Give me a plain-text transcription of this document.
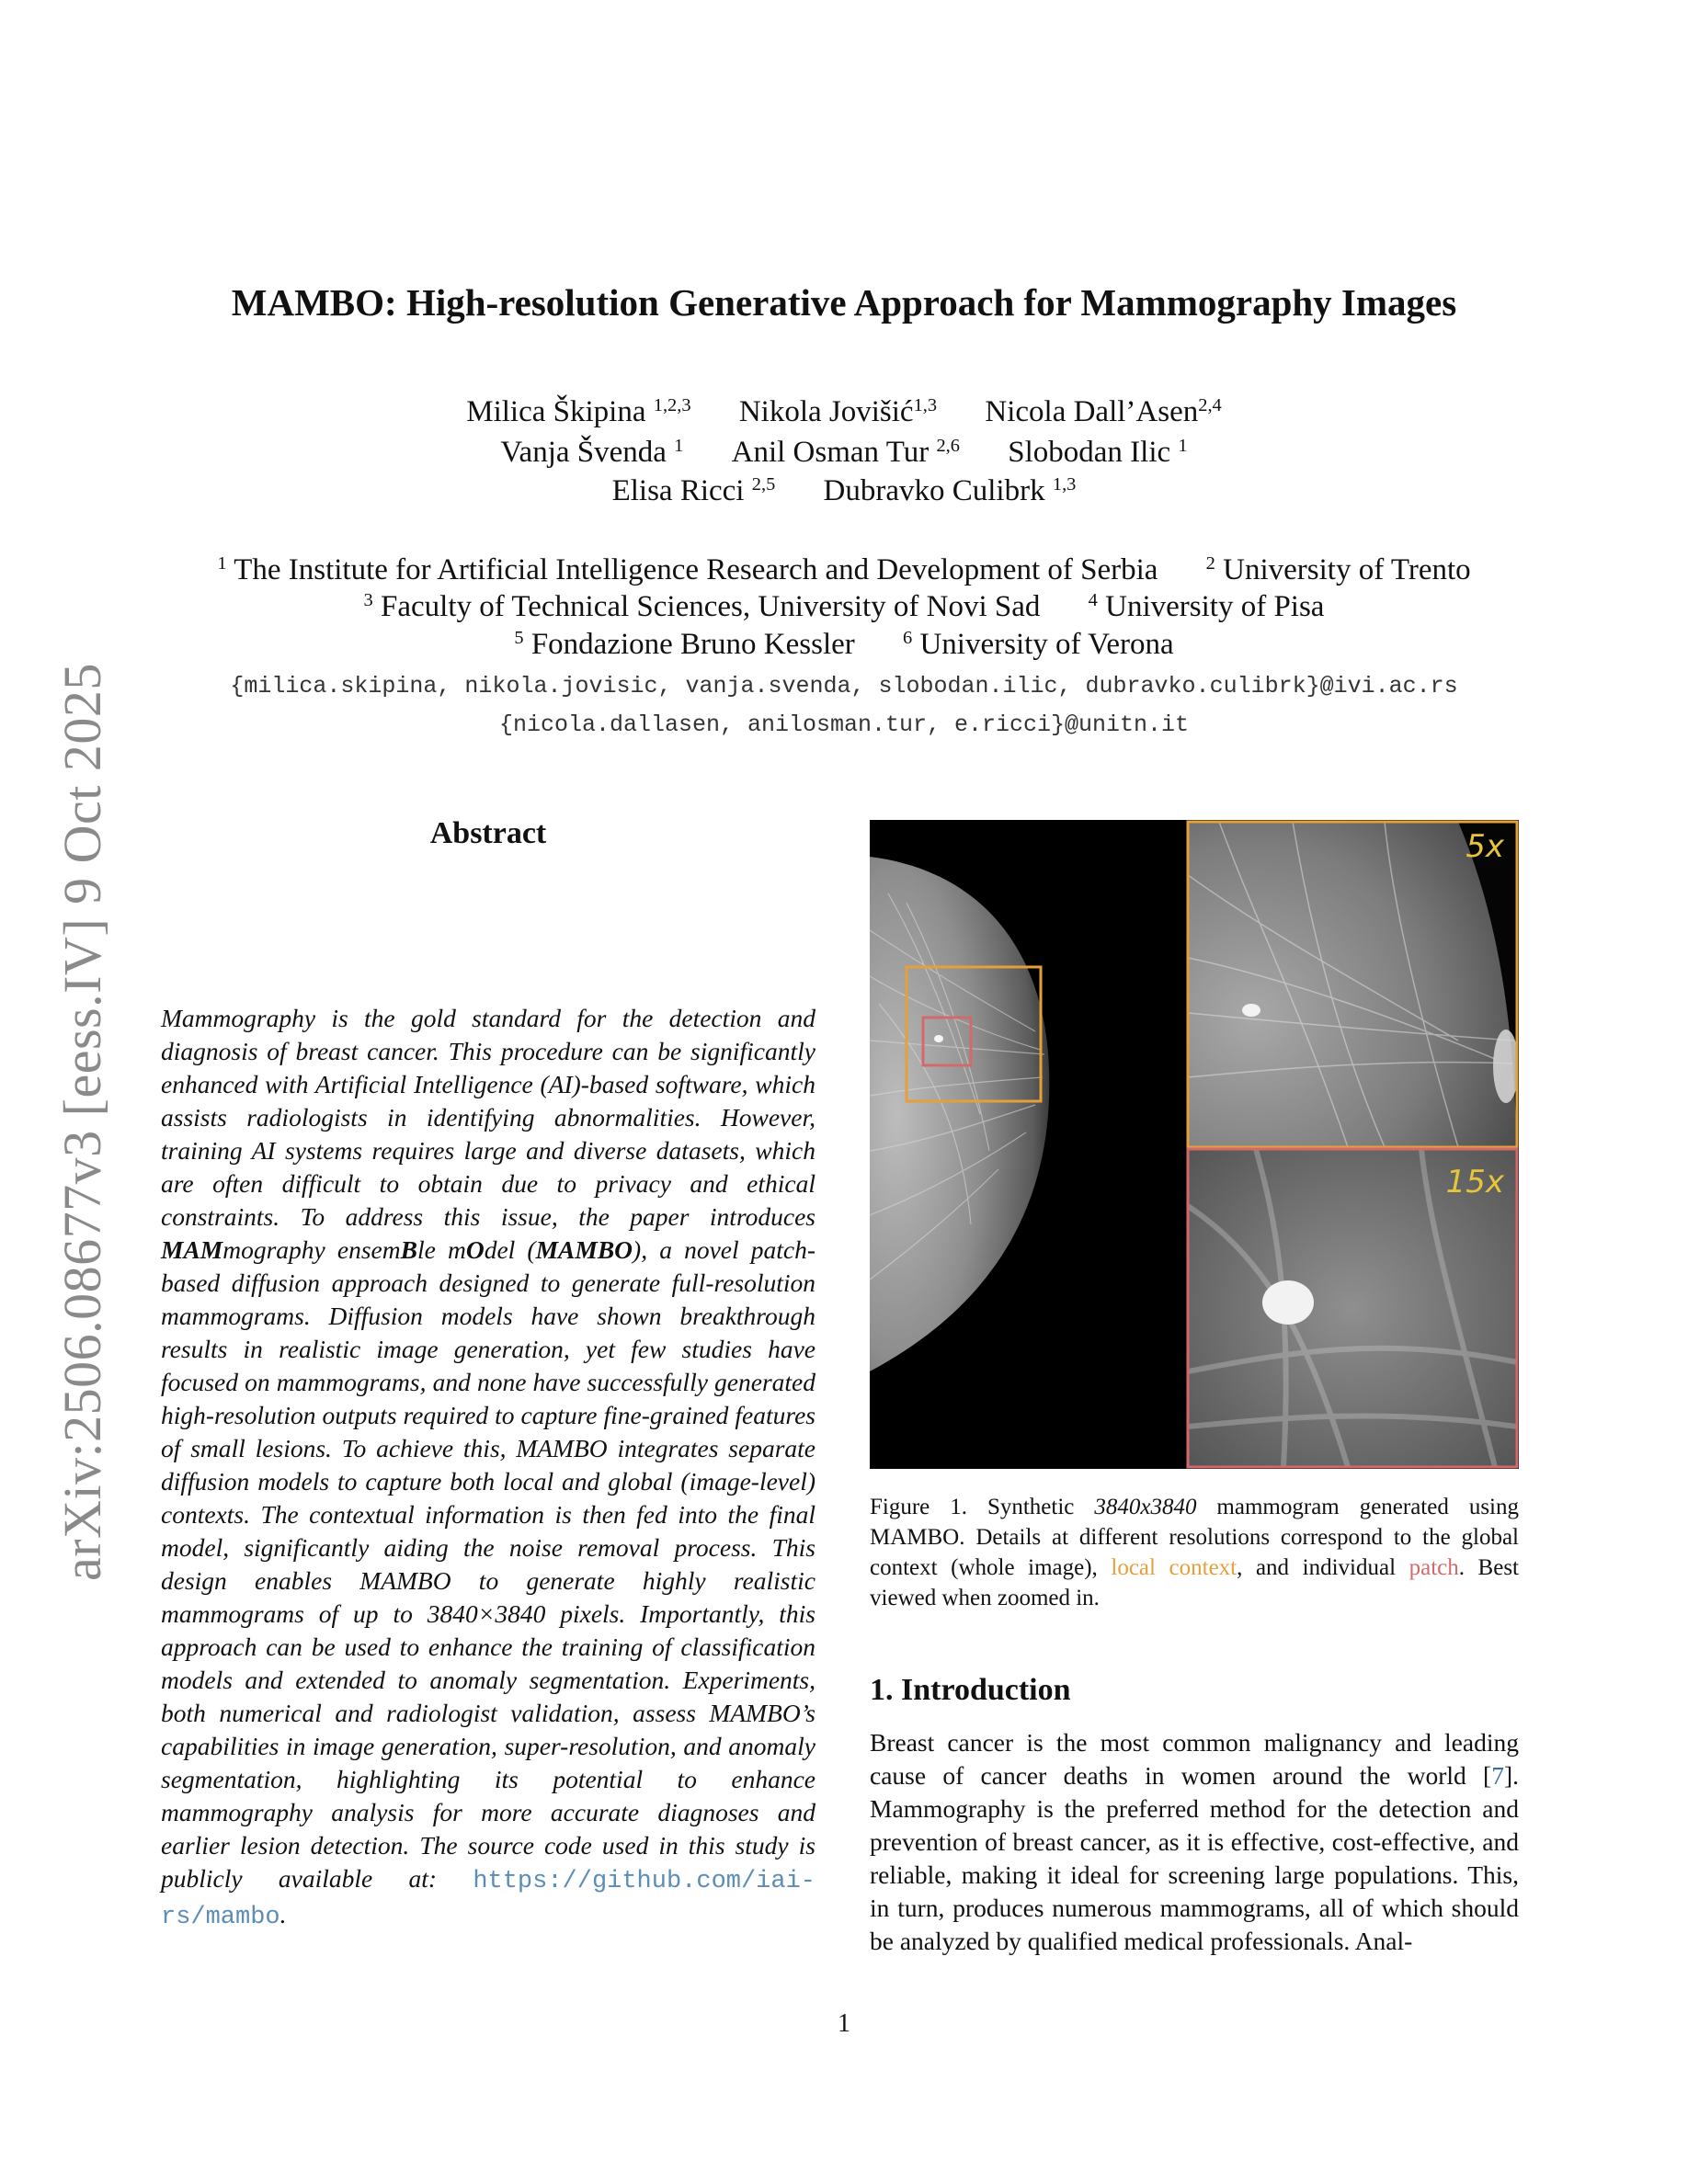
arXiv:2506.08677v3 [eess.IV] 9 Oct 2025
MAMBO: High-resolution Generative Approach for Mammography Images
Milica Škipina $^{1,2,3}$ Nikola Jovišić$^{1,3}$ Nicola Dall’Asen$^{2,4}$
Vanja Švenda $^1$ Anil Osman Tur $^{2,6}$ Slobodan Ilic $^1$
Elisa Ricci $^{2,5}$ Dubravko Culibrk $^{1,3}$
$^1$ The Institute for Artificial Intelligence Research and Development of Serbia	$^2$ University of Trento
$^3$ Faculty of Technical Sciences, University of Novi Sad	$^4$ University of Pisa
$^5$ Fondazione Bruno Kessler	$^6$ University of Verona
{milica.skipina, nikola.jovisic, vanja.svenda, slobodan.ilic, dubravko.culibrk}@ivi.ac.rs
{nicola.dallasen, anilosman.tur, e.ricci}@unitn.it
Abstract
Mammography is the gold standard for the detection and diagnosis of breast cancer. This procedure can be significantly enhanced with Artificial Intelligence (AI)-based software, which assists radiologists in identifying abnormalities. However, training AI systems requires large and diverse datasets, which are often difficult to obtain due to privacy and ethical constraints. To address this issue, the paper introduces MAMmography ensemBle mOdel (MAMBO), a novel patch-based diffusion approach designed to generate full-resolution mammograms. Diffusion models have shown breakthrough results in realistic image generation, yet few studies have focused on mammograms, and none have successfully generated high-resolution outputs required to capture fine-grained features of small lesions. To achieve this, MAMBO integrates separate diffusion models to capture both local and global (image-level) contexts. The contextual information is then fed into the final model, significantly aiding the noise removal process. This design enables MAMBO to generate highly realistic mammograms of up to 3840×3840 pixels. Importantly, this approach can be used to enhance the training of classification models and extended to anomaly segmentation. Experiments, both numerical and radiologist validation, assess MAMBO’s capabilities in image generation, super-resolution, and anomaly segmentation, highlighting its potential to enhance mammography analysis for more accurate diagnoses and earlier lesion detection. The source code used in this study is publicly available at: https://github.com/iai-rs/mambo.
5x
15x
Figure 1. Synthetic 3840x3840 mammogram generated using MAMBO. Details at different resolutions correspond to the global context (whole image), local context, and individual patch. Best viewed when zoomed in.
1. Introduction
Breast cancer is the most common malignancy and leading cause of cancer deaths in women around the world [7]. Mammography is the preferred method for the detection and prevention of breast cancer, as it is effective, cost-effective, and reliable, making it ideal for screening large populations. This, in turn, produces numerous mammograms, all of which should be analyzed by qualified medical professionals. Anal-
1
